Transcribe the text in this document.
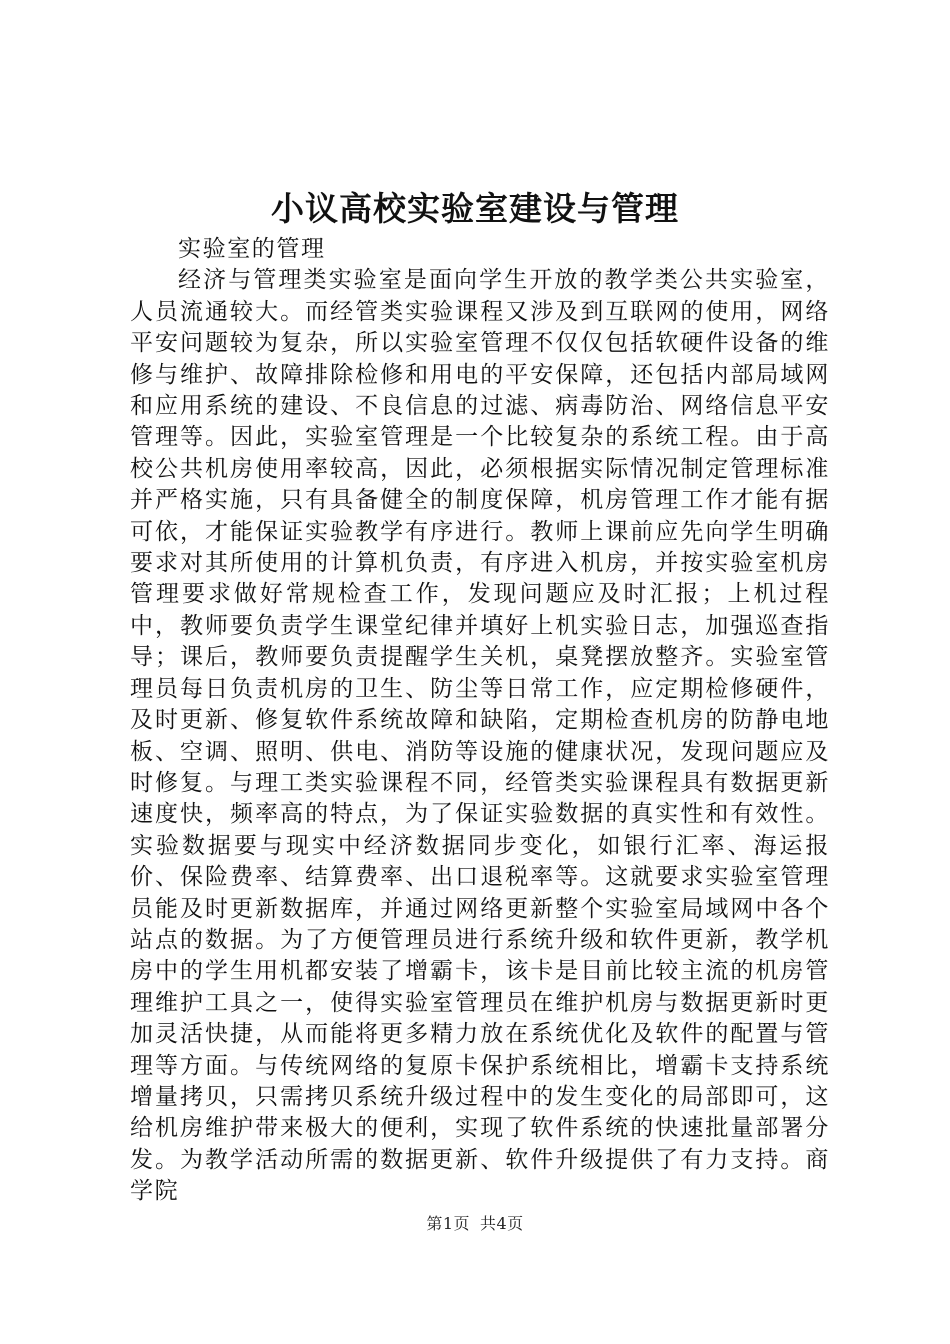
小议高校实验室建设与管理

实验室的管理

经济与管理类实验室是面向学生开放的教学类公共实验室，人员流通较大。而经管类实验课程又涉及到互联网的使用，网络平安问题较为复杂，所以实验室管理不仅仅包括软硬件设备的维修与维护、故障排除检修和用电的平安保障，还包括内部局域网和应用系统的建设、不良信息的过滤、病毒防治、网络信息平安管理等。因此，实验室管理是一个比较复杂的系统工程。由于高校公共机房使用率较高，因此，必须根据实际情况制定管理标准并严格实施，只有具备健全的制度保障，机房管理工作才能有据可依，才能保证实验教学有序进行。教师上课前应先向学生明确要求对其所使用的计算机负责，有序进入机房，并按实验室机房管理要求做好常规检查工作，发现问题应及时汇报；上机过程中，教师要负责学生课堂纪律并填好上机实验日志，加强巡查指导；课后，教师要负责提醒学生关机，桌凳摆放整齐。实验室管理员每日负责机房的卫生、防尘等日常工作，应定期检修硬件，及时更新、修复软件系统故障和缺陷，定期检查机房的防静电地板、空调、照明、供电、消防等设施的健康状况，发现问题应及时修复。与理工类实验课程不同，经管类实验课程具有数据更新速度快，频率高的特点，为了保证实验数据的真实性和有效性。实验数据要与现实中经济数据同步变化，如银行汇率、海运报价、保险费率、结算费率、出口退税率等。这就要求实验室管理员能及时更新数据库，并通过网络更新整个实验室局域网中各个站点的数据。为了方便管理员进行系统升级和软件更新，教学机房中的学生用机都安装了增霸卡，该卡是目前比较主流的机房管理维护工具之一，使得实验室管理员在维护机房与数据更新时更加灵活快捷，从而能将更多精力放在系统优化及软件的配置与管理等方面。与传统网络的复原卡保护系统相比，增霸卡支持系统增量拷贝，只需拷贝系统升级过程中的发生变化的局部即可，这给机房维护带来极大的便利，实现了软件系统的快速批量部署分发。为教学活动所需的数据更新、软件升级提供了有力支持。商学院

第1页 共4页
